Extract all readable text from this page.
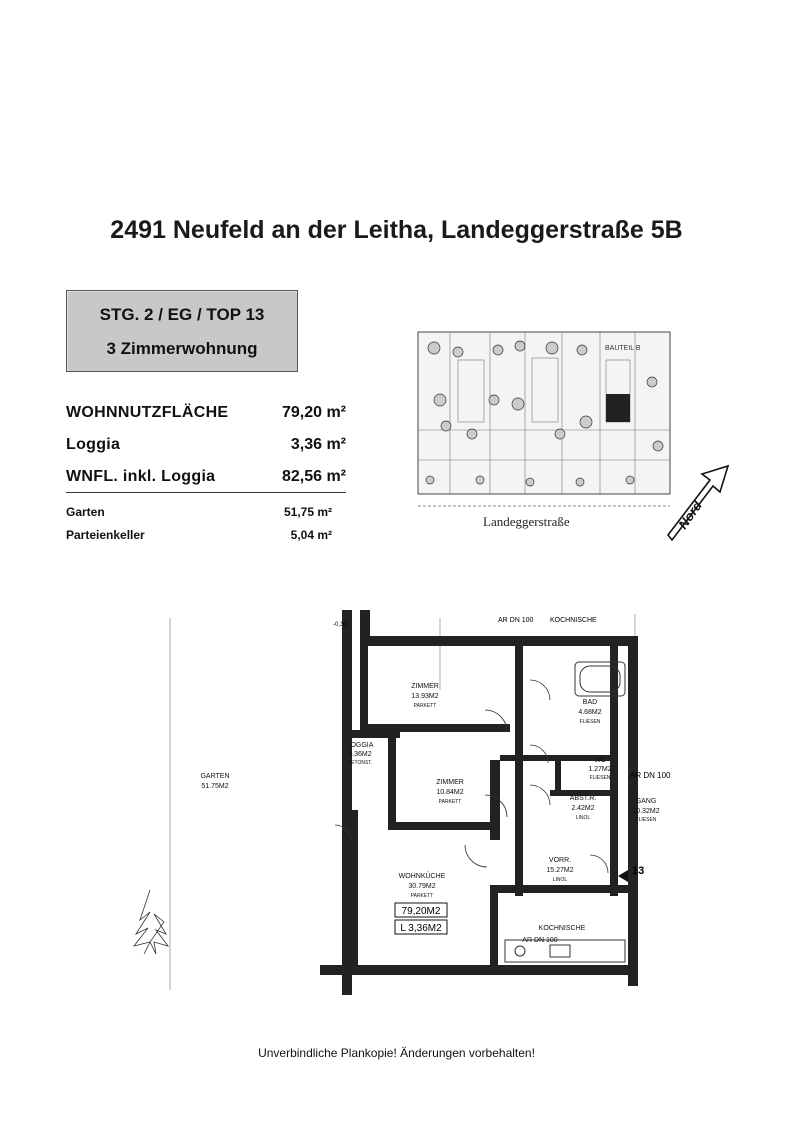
2491 Neufeld an der Leitha, Landeggerstraße 5B
STG. 2 / EG / TOP 13
3 Zimmerwohnung
WOHNNUTZFLÄCHE	79,20 m²
Loggia	3,36 m²
WNFL. inkl. Loggia	82,56 m²
Garten	51,75 m²
Parteienkeller	5,04 m²
BAUTEIL B
Nord
Landeggerstraße
ZIMMER
13.93M2
PARKETT
ZIMMER
10.84M2
PARKETT
BAD
4.68M2
FLIESEN
WC
1.27M2
FLIESEN
ABST.R.
2.42M2
LINOL
VORR.
15.27M2
LINOL
GANG
20.32M2
FLIESEN
WOHNKÜCHE
30.79M2
PARKETT
LOGGIA
3.36M2
BETONST.
GARTEN
51.75M2
KOCHNISCHE
AR DN 100
79,20M2
L 3,36M2
AR DN 100 KOCHNISCHE
AR DN 100
-0,30
13
Unverbindliche Plankopie! Änderungen vorbehalten!
